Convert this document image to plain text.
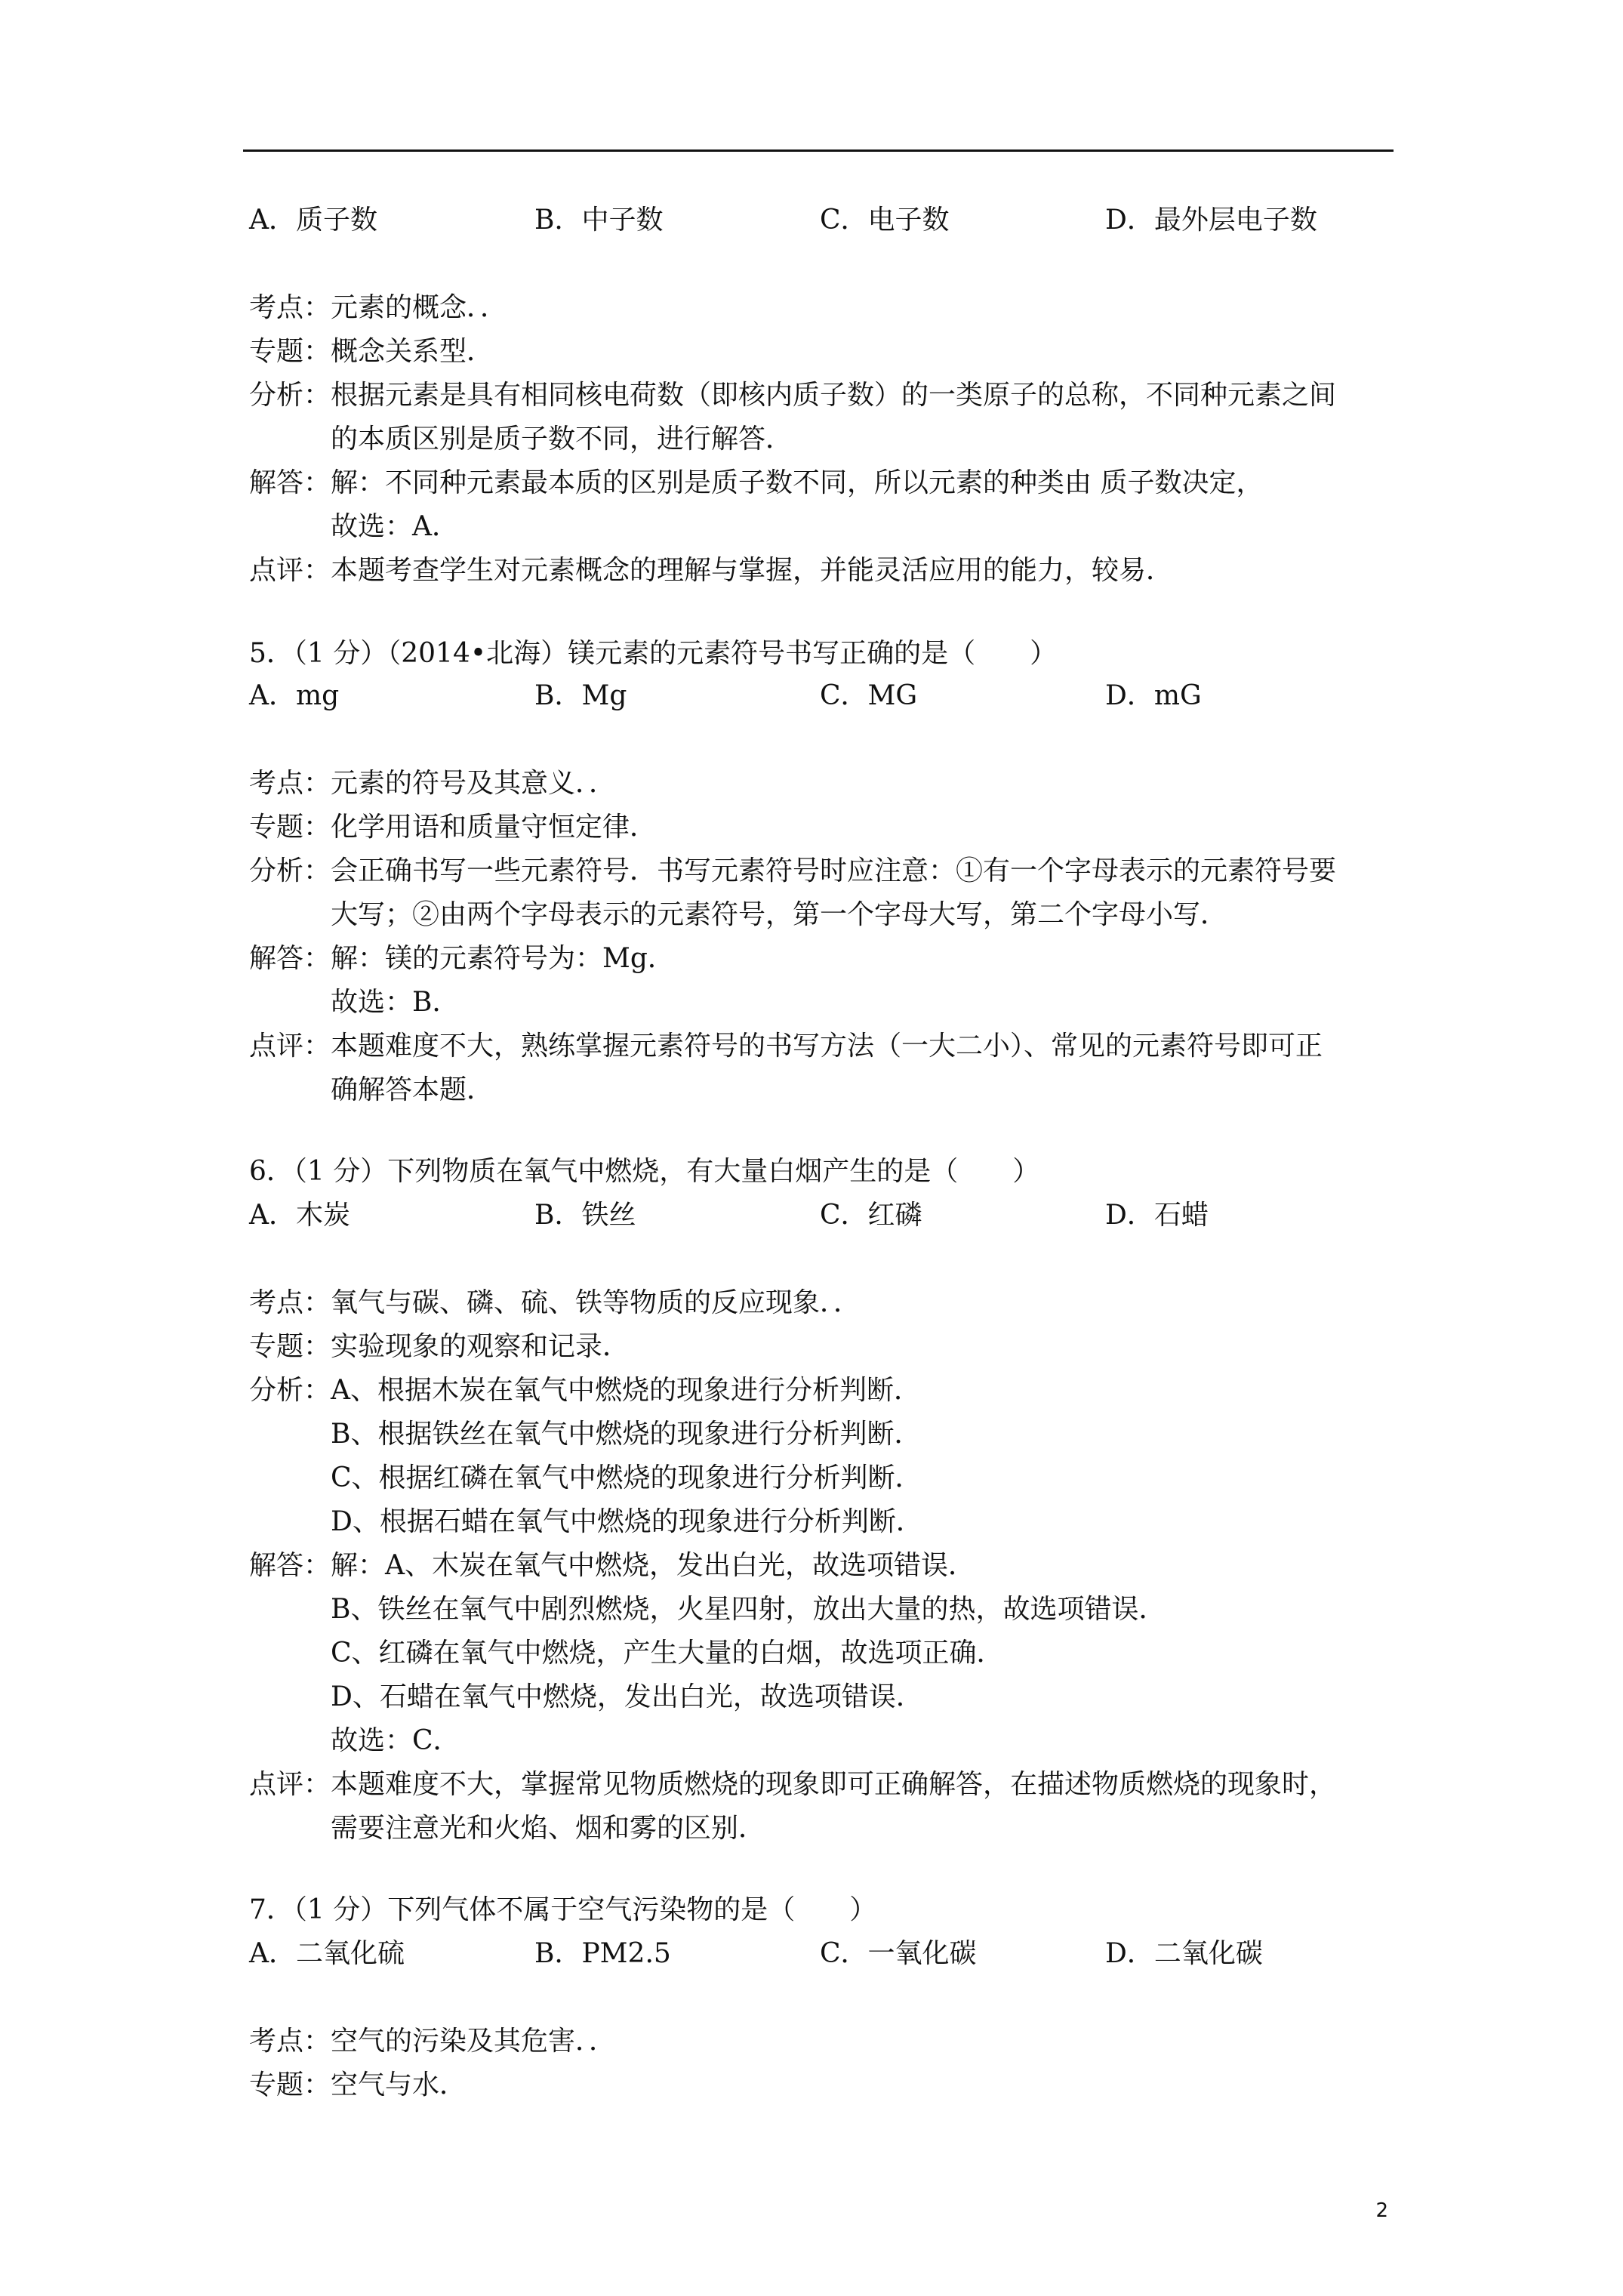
A．质子数	B．中子数	C．电子数	D．最外层电子数
考点：元素的概念．．
专题：概念关系型．
分析：根据元素是具有相同核电荷数（即核内质子数）的一类原子的总称，不同种元素之间
的本质区别是质子数不同，进行解答．
解答：解：不同种元素最本质的区别是质子数不同，所以元素的种类由 质子数决定，
故选：A．
点评：本题考查学生对元素概念的理解与掌握，并能灵活应用的能力，较易．
5．（1 分）（2014•北海）镁元素的元素符号书写正确的是（　　）
A．mg	B．Mg	C．MG	D．mG
考点：元素的符号及其意义．．
专题：化学用语和质量守恒定律．
分析：会正确书写一些元素符号．书写元素符号时应注意：①有一个字母表示的元素符号要
大写；②由两个字母表示的元素符号，第一个字母大写，第二个字母小写．
解答：解：镁的元素符号为：Mg．
故选：B．
点评：本题难度不大，熟练掌握元素符号的书写方法（一大二小）、常见的元素符号即可正
确解答本题．
6．（1 分）下列物质在氧气中燃烧，有大量白烟产生的是（　　）
A．木炭	B．铁丝	C．红磷	D．石蜡
考点：氧气与碳、磷、硫、铁等物质的反应现象．．
专题：实验现象的观察和记录．
分析：A、根据木炭在氧气中燃烧的现象进行分析判断．
B、根据铁丝在氧气中燃烧的现象进行分析判断．
C、根据红磷在氧气中燃烧的现象进行分析判断．
D、根据石蜡在氧气中燃烧的现象进行分析判断．
解答：解：A、木炭在氧气中燃烧，发出白光，故选项错误．
B、铁丝在氧气中剧烈燃烧，火星四射，放出大量的热，故选项错误．
C、红磷在氧气中燃烧，产生大量的白烟，故选项正确．
D、石蜡在氧气中燃烧，发出白光，故选项错误．
故选：C．
点评：本题难度不大，掌握常见物质燃烧的现象即可正确解答，在描述物质燃烧的现象时，
需要注意光和火焰、烟和雾的区别．
7．（1 分）下列气体不属于空气污染物的是（　　）
A．二氧化硫	B．PM2.5	C．一氧化碳	D．二氧化碳
考点：空气的污染及其危害．．
专题：空气与水．
2
